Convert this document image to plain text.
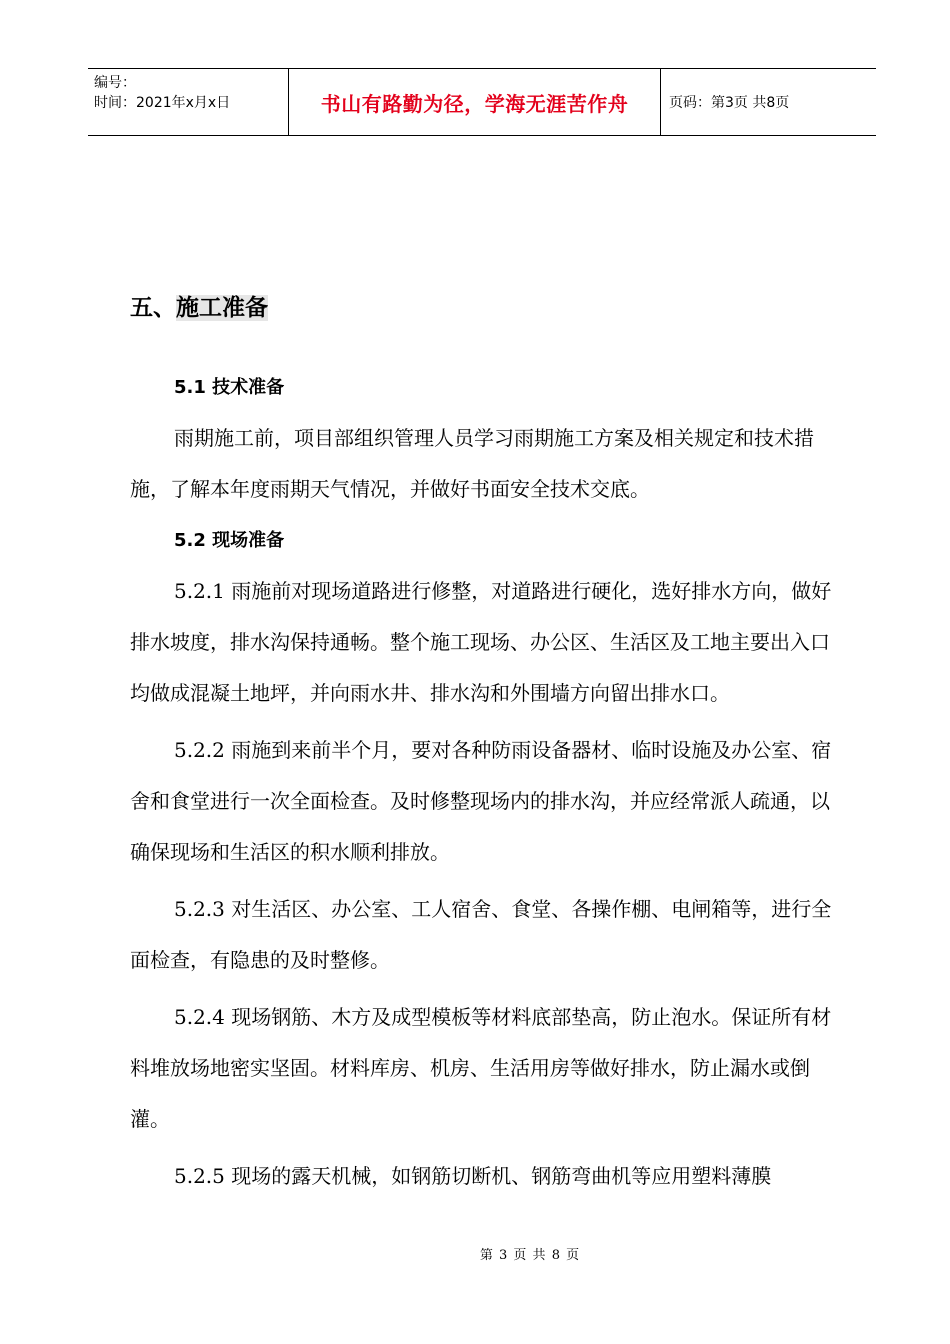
编号：
时间：2021年x月x日	书山有路勤为径，学海无涯苦作舟	页码：第3页 共8页
五、施工准备

5.1 技术准备

雨期施工前，项目部组织管理人员学习雨期施工方案及相关规定和技术措施，了解本年度雨期天气情况，并做好书面安全技术交底。

5.2 现场准备

5.2.1 雨施前对现场道路进行修整，对道路进行硬化，选好排水方向，做好排水坡度，排水沟保持通畅。整个施工现场、办公区、生活区及工地主要出入口均做成混凝土地坪，并向雨水井、排水沟和外围墙方向留出排水口。

5.2.2 雨施到来前半个月，要对各种防雨设备器材、临时设施及办公室、宿舍和食堂进行一次全面检查。及时修整现场内的排水沟，并应经常派人疏通，以确保现场和生活区的积水顺利排放。

5.2.3 对生活区、办公室、工人宿舍、食堂、各操作棚、电闸箱等，进行全面检查，有隐患的及时整修。

5.2.4 现场钢筋、木方及成型模板等材料底部垫高，防止泡水。保证所有材料堆放场地密实坚固。材料库房、机房、生活用房等做好排水，防止漏水或倒灌。

5.2.5 现场的露天机械，如钢筋切断机、钢筋弯曲机等应用塑料薄膜

第 3 页 共 8 页
